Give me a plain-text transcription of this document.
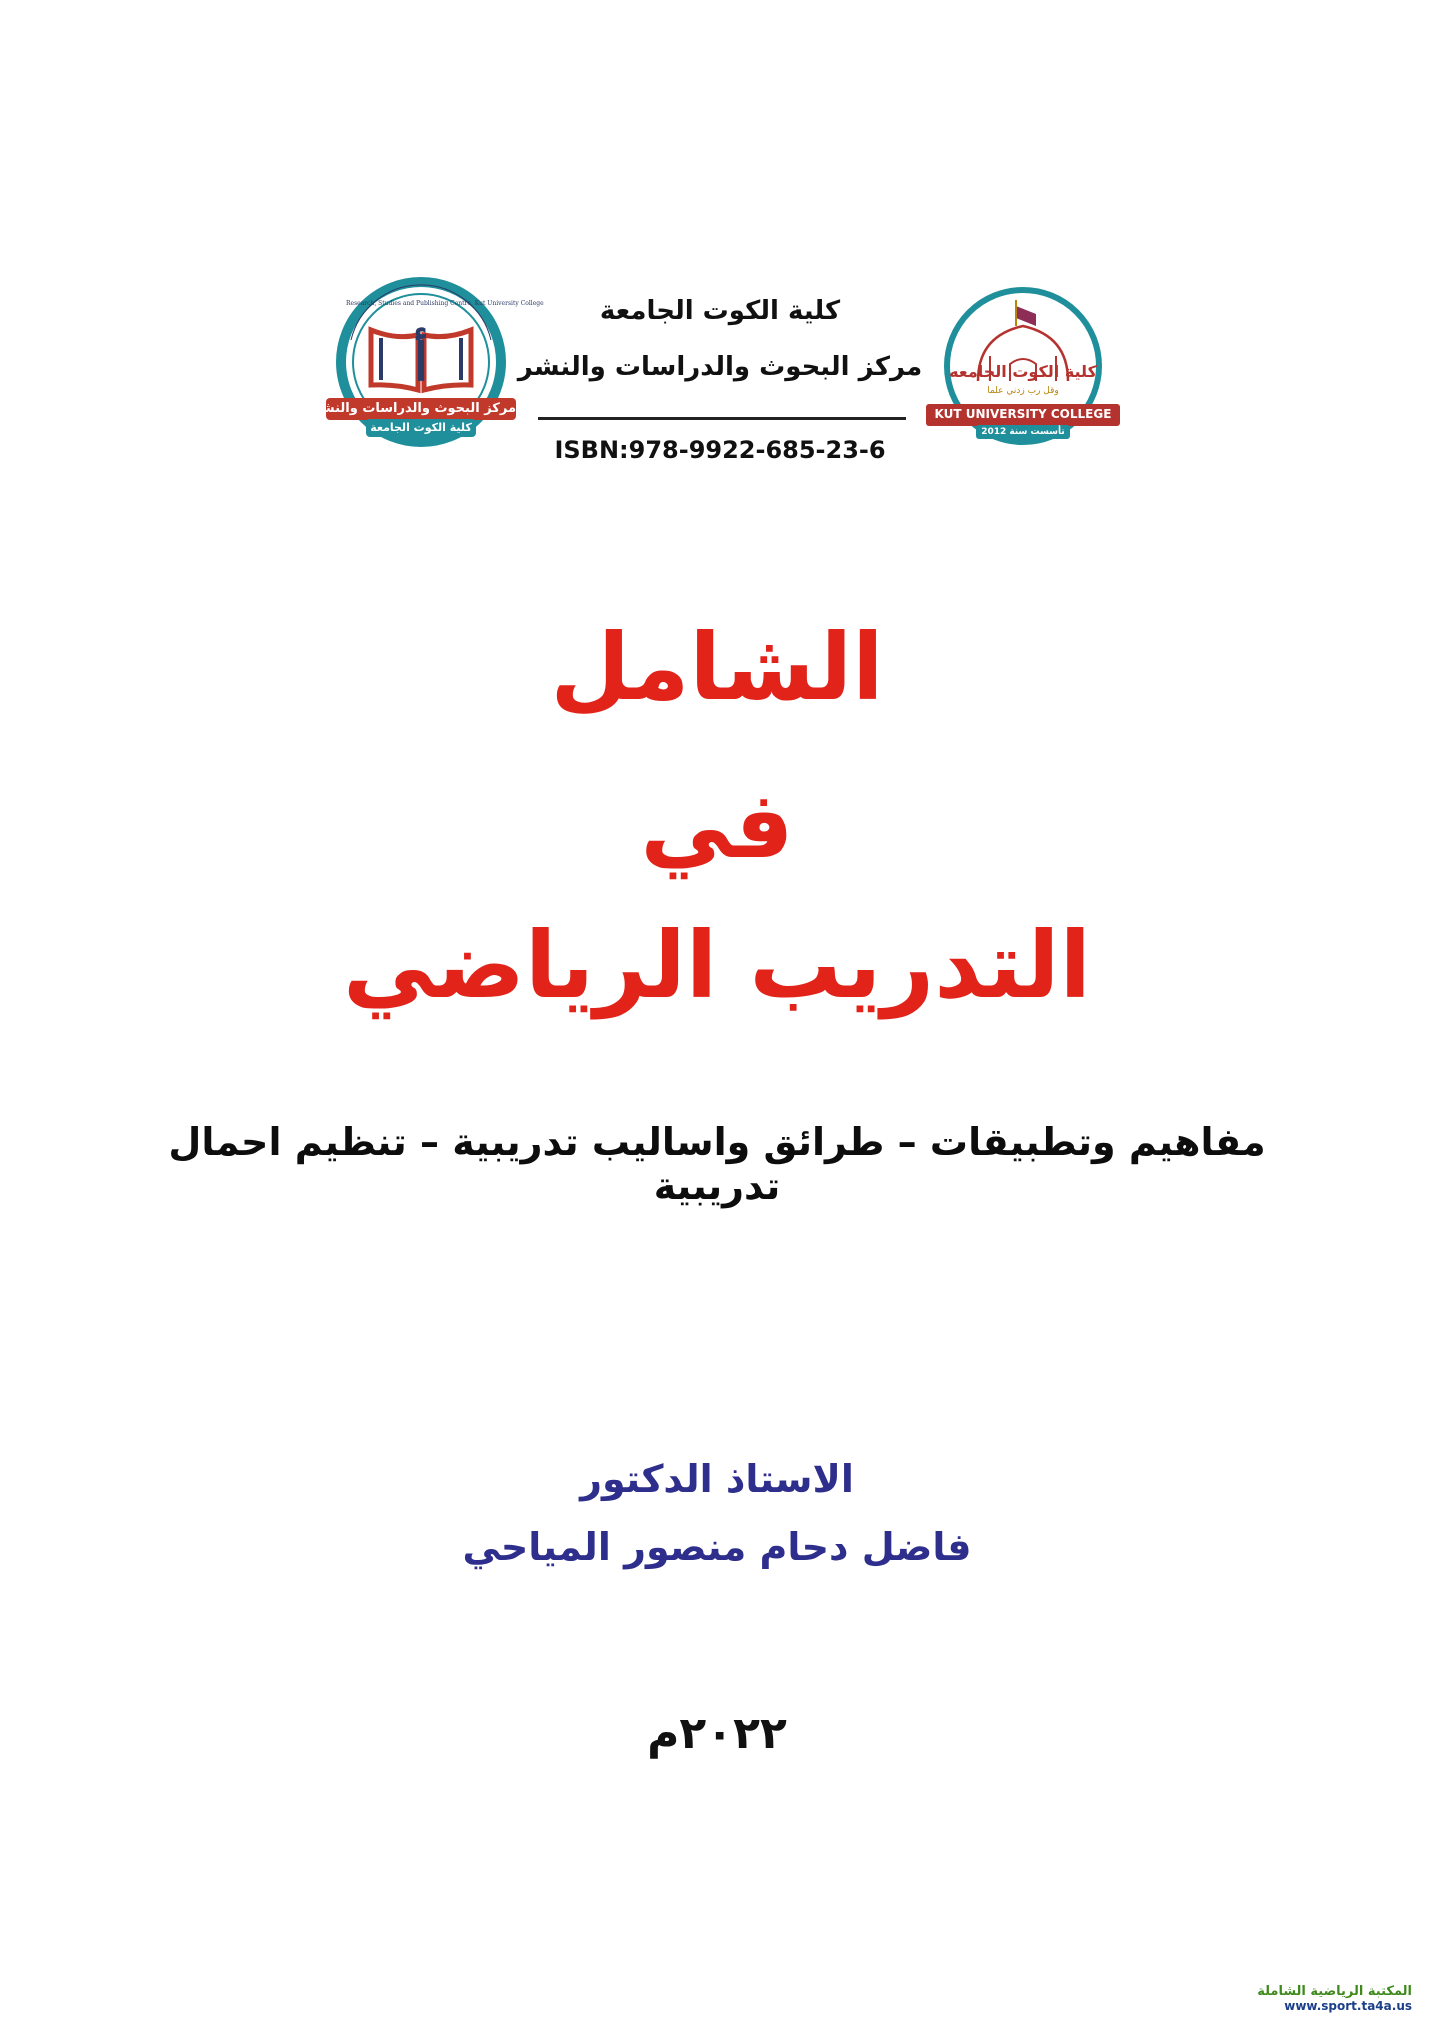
أ
مركز البحوث والدراسات والنشر
كلية الكوت الجامعة
Research, Studies and Publishing Centre, Kut University College	كلية الكوت الجامعة
مركز البحوث والدراسات والنشر
ISBN:978-9922-685-23-6
كلية الكوت الجامعه
وقل رب زدني علما
KUT UNIVERSITY COLLEGE
تأسست سنة 2012
الشامل
في
التدريب الرياضي
مفاهيم وتطبيقات – طرائق واساليب تدريبية – تنظيم احمال تدريبية
الاستاذ الدكتور
فاضل دحام منصور المياحي
٢٠٢٢م
المكتبة الرياضية الشاملة
www.sport.ta4a.us
